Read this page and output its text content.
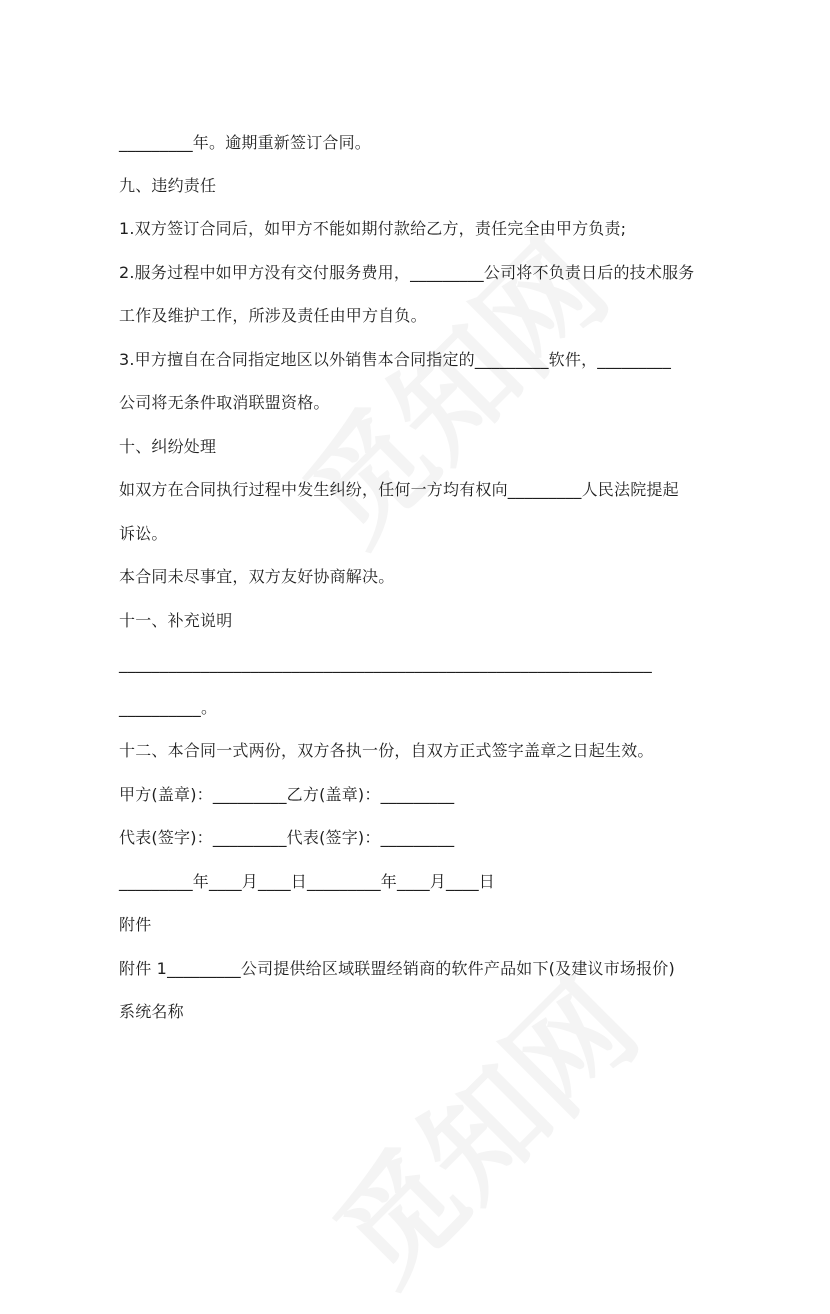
_________年。逾期重新签订合同。
九、违约责任
1.双方签订合同后，如甲方不能如期付款给乙方，责任完全由甲方负责;
2.服务过程中如甲方没有交付服务费用，_________公司将不负责日后的技术服务
工作及维护工作，所涉及责任由甲方自负。
3.甲方擅自在合同指定地区以外销售本合同指定的_________软件，_________
公司将无条件取消联盟资格。
十、纠纷处理
如双方在合同执行过程中发生纠纷，任何一方均有权向_________人民法院提起
诉讼。
本合同未尽事宜，双方友好协商解决。
十一、补充说明
_________________________________________________________________
__________。
十二、本合同一式两份，双方各执一份，自双方正式签字盖章之日起生效。
甲方(盖章)：_________乙方(盖章)：_________
代表(签字)：_________代表(签字)：_________
_________年____月____日_________年____月____日
附件
附件 1_________公司提供给区域联盟经销商的软件产品如下(及建议市场报价)
系统名称
